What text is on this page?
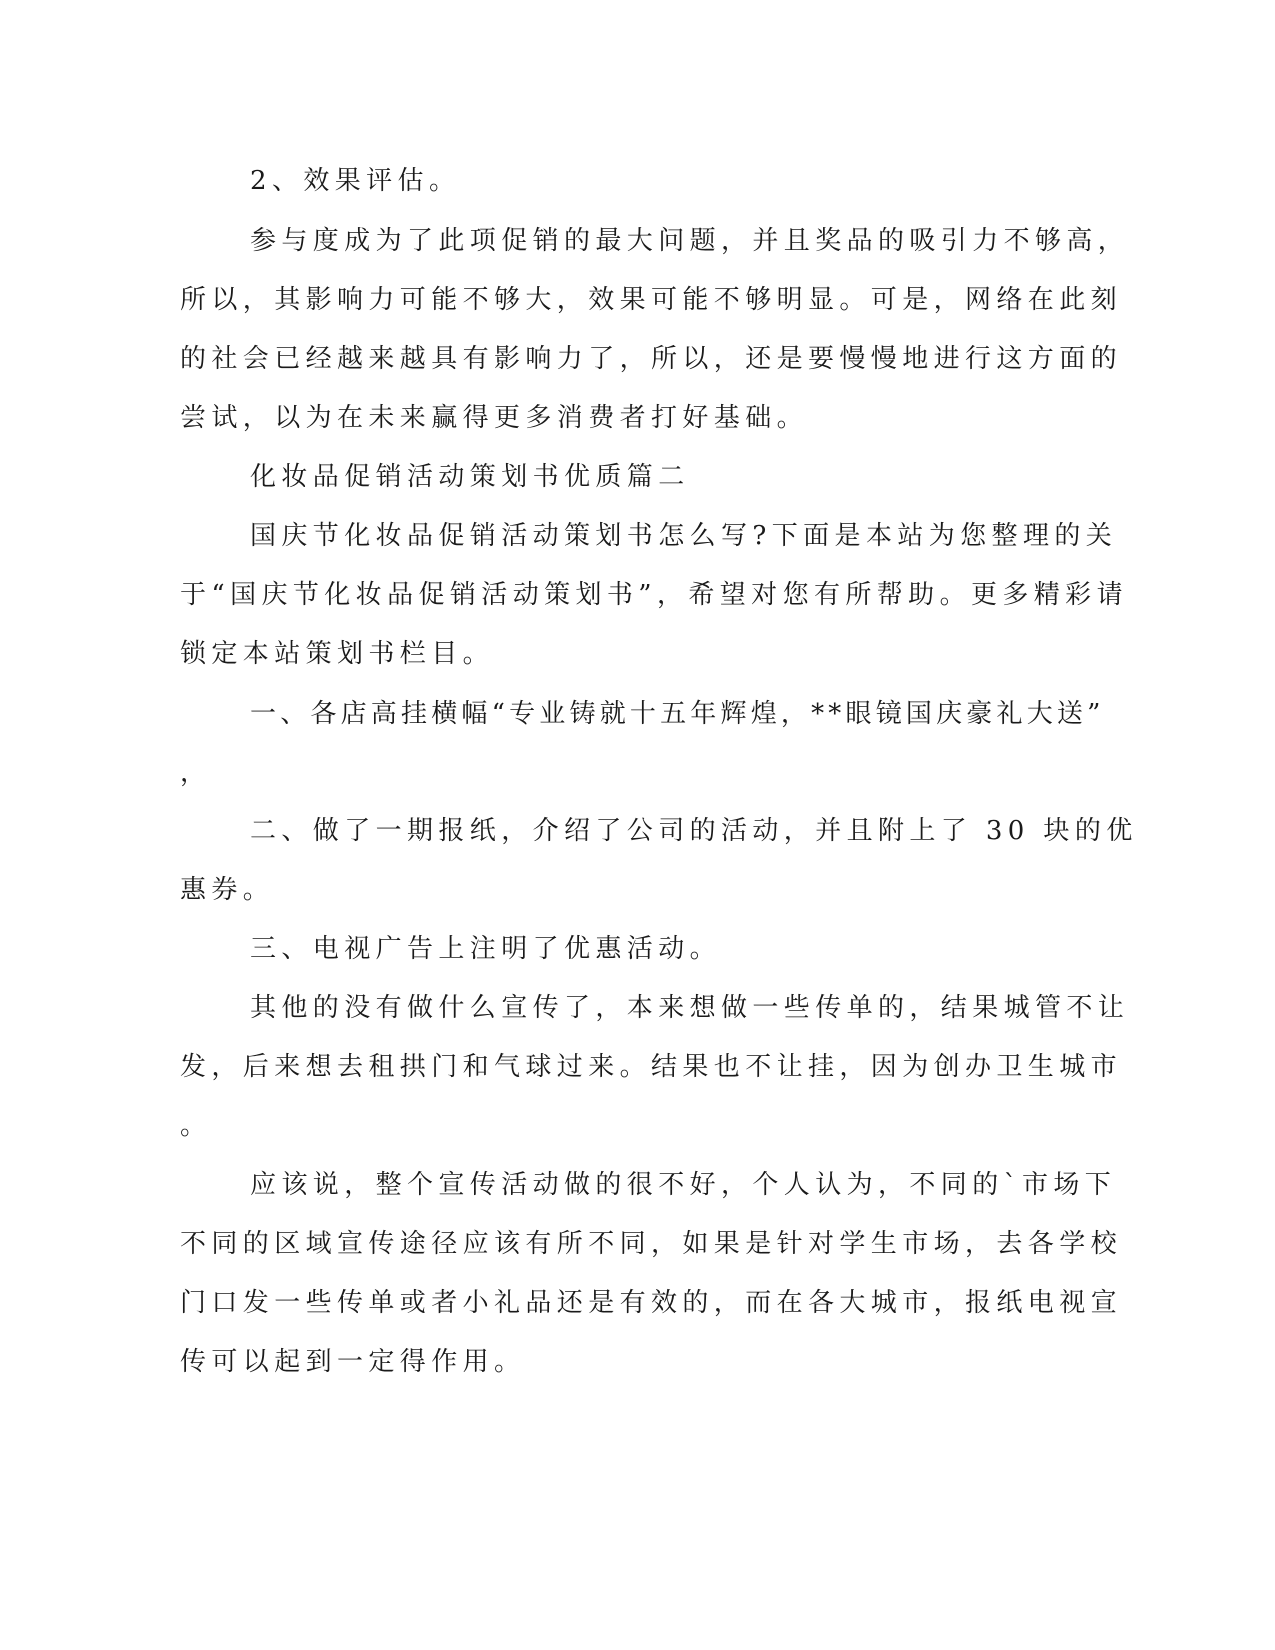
2、效果评估。

参与度成为了此项促销的最大问题，并且奖品的吸引力不够高，

所以，其影响力可能不够大，效果可能不够明显。可是，网络在此刻

的社会已经越来越具有影响力了，所以，还是要慢慢地进行这方面的

尝试，以为在未来赢得更多消费者打好基础。

化妆品促销活动策划书优质篇二

国庆节化妆品促销活动策划书怎么写?下面是本站为您整理的关

于“国庆节化妆品促销活动策划书”，希望对您有所帮助。更多精彩请

锁定本站策划书栏目。

一、各店高挂横幅“专业铸就十五年辉煌，**眼镜国庆豪礼大送”

，

二、做了一期报纸，介绍了公司的活动，并且附上了 30 块的优

惠券。

三、电视广告上注明了优惠活动。

其他的没有做什么宣传了，本来想做一些传单的，结果城管不让

发，后来想去租拱门和气球过来。结果也不让挂，因为创办卫生城市

。

应该说，整个宣传活动做的很不好，个人认为，不同的`市场下

不同的区域宣传途径应该有所不同，如果是针对学生市场，去各学校

门口发一些传单或者小礼品还是有效的，而在各大城市，报纸电视宣

传可以起到一定得作用。
